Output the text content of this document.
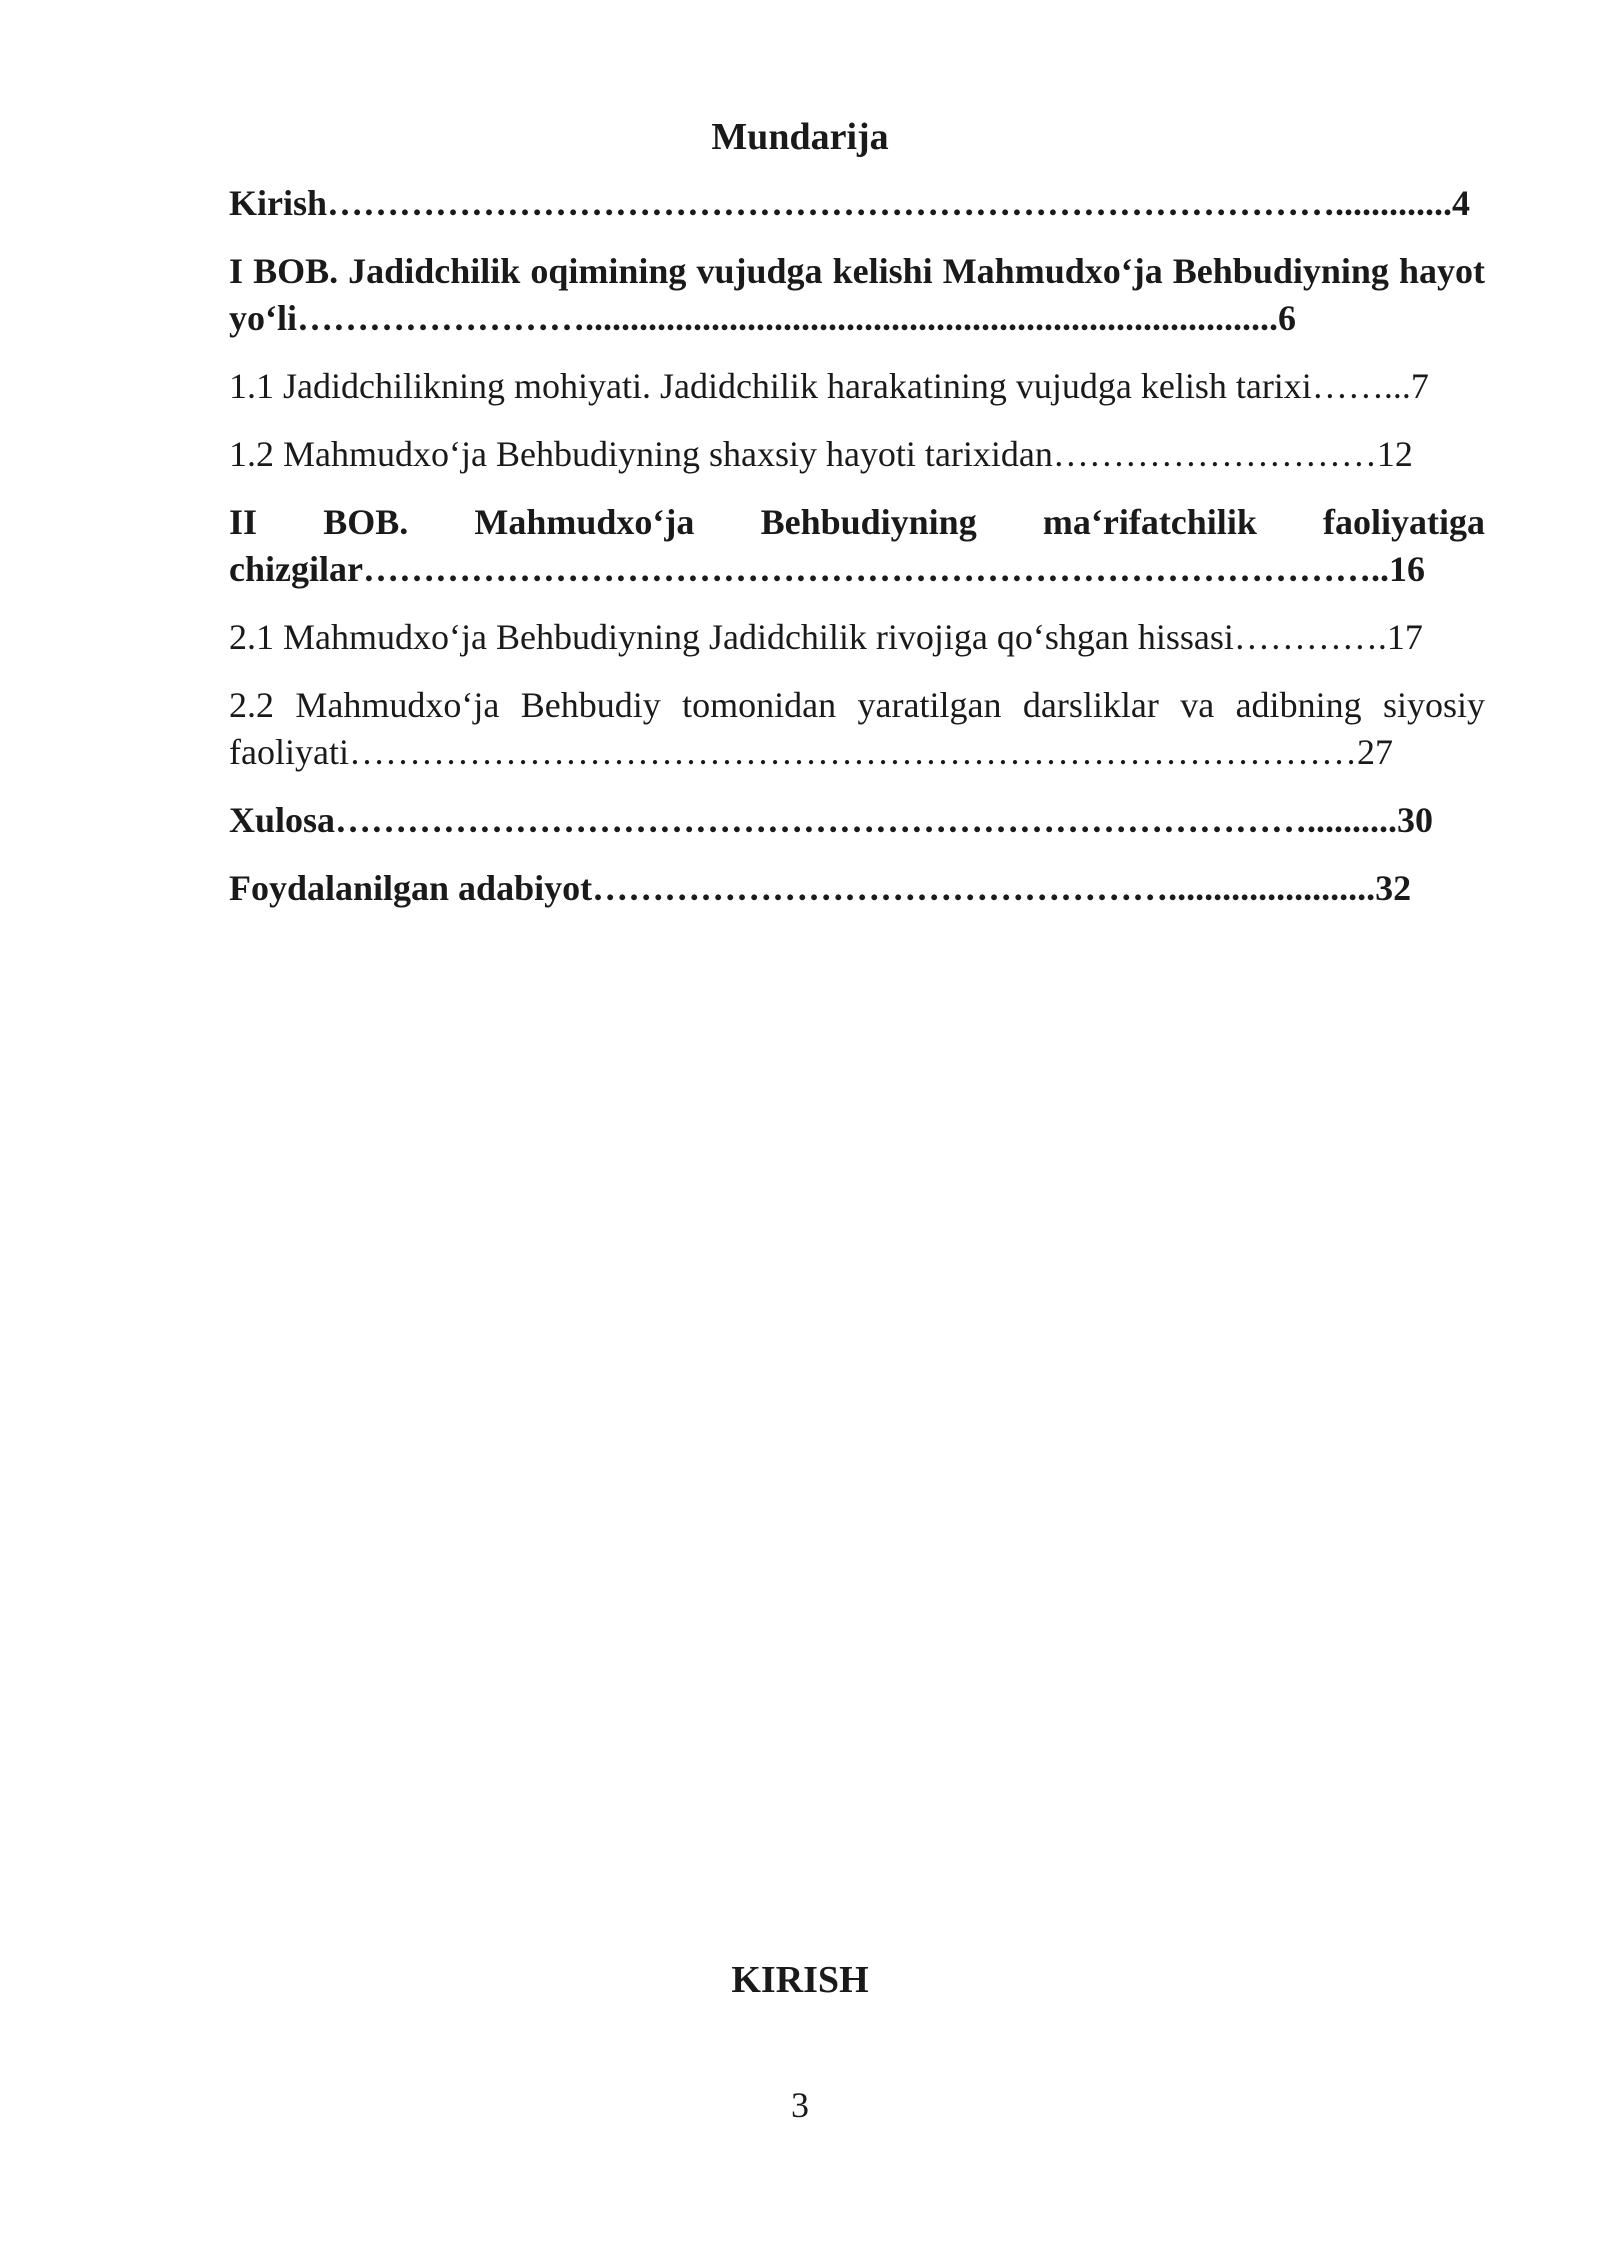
Mundarija
Kirish………………………………………………………………………….............4
I BOB. Jadidchilik oqimining vujudga kelishi Mahmudxo‘ja Behbudiyning hayot yo‘li…………………….............................................................................6
1.1 Jadidchilikning mohiyati. Jadidchilik harakatining vujudga kelish tarixi……...7
1.2 Mahmudxo‘ja Behbudiyning shaxsiy hayoti tarixidan………………………12
II BOB. Mahmudxo‘ja Behbudiyning ma‘rifatchilik faoliyatiga chizgilar…………………………………………………………………………..16
2.1 Mahmudxo‘ja Behbudiyning Jadidchilik rivojiga qo‘shgan hissasi………….17
2.2 Mahmudxo‘ja Behbudiy tomonidan yaratilgan darsliklar va adibning siyosiy faoliyati…………………………………………………………………………27
Xulosa………………………………………………………………………..........30
Foydalanilgan adabiyot………………………………………….......................32
KIRISH
3
